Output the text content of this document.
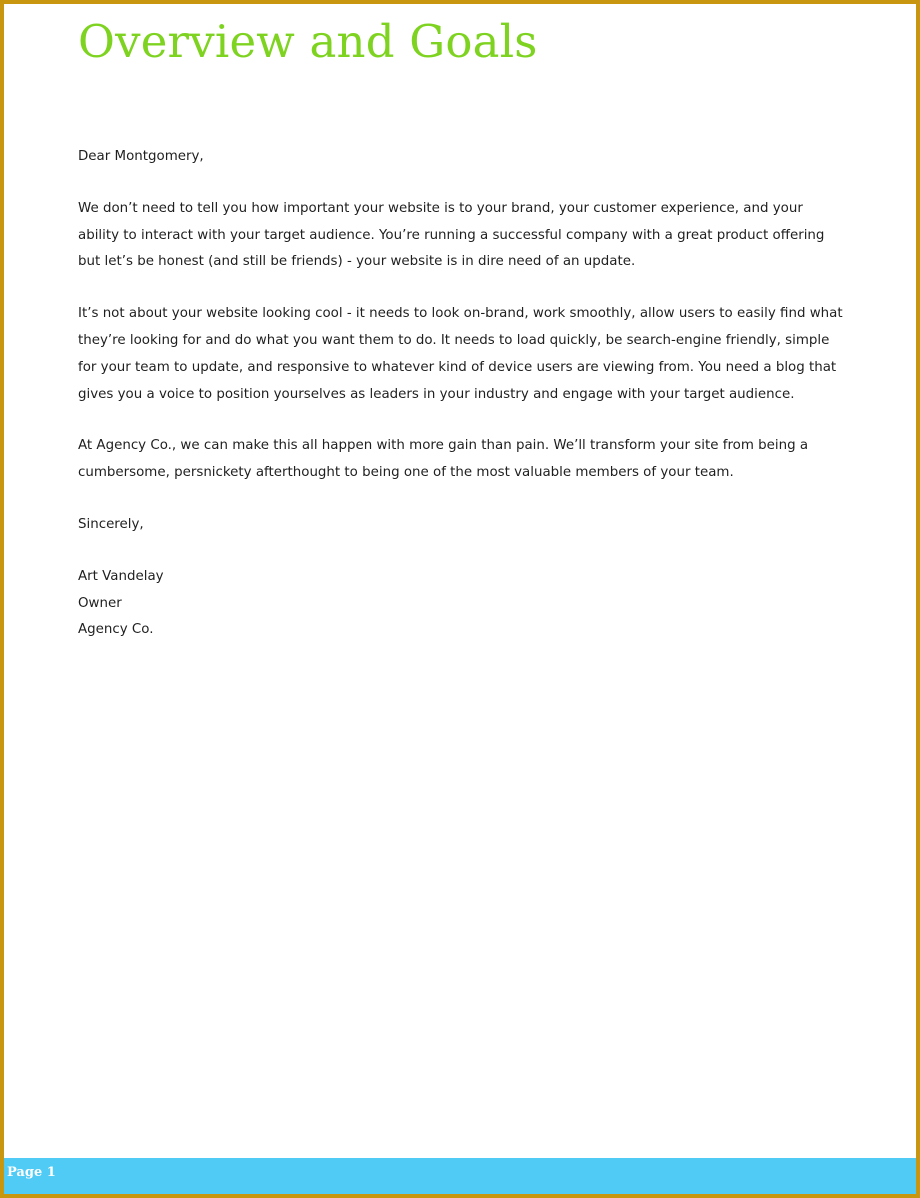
Overview and Goals

Dear Montgomery,

We don’t need to tell you how important your website is to your brand, your customer experience, and your ability to interact with your target audience. You’re running a successful company with a great product offering but let’s be honest (and still be friends) - your website is in dire need of an update.

It’s not about your website looking cool - it needs to look on-brand, work smoothly, allow users to easily find what they’re looking for and do what you want them to do. It needs to load quickly, be search-engine friendly, simple for your team to update, and responsive to whatever kind of device users are viewing from. You need a blog that gives you a voice to position yourselves as leaders in your industry and engage with your target audience.

At Agency Co., we can make this all happen with more gain than pain. We’ll transform your site from being a cumbersome, persnickety afterthought to being one of the most valuable members of your team.

Sincerely,

Art Vandelay

Owner

Agency Co.

Page 1
